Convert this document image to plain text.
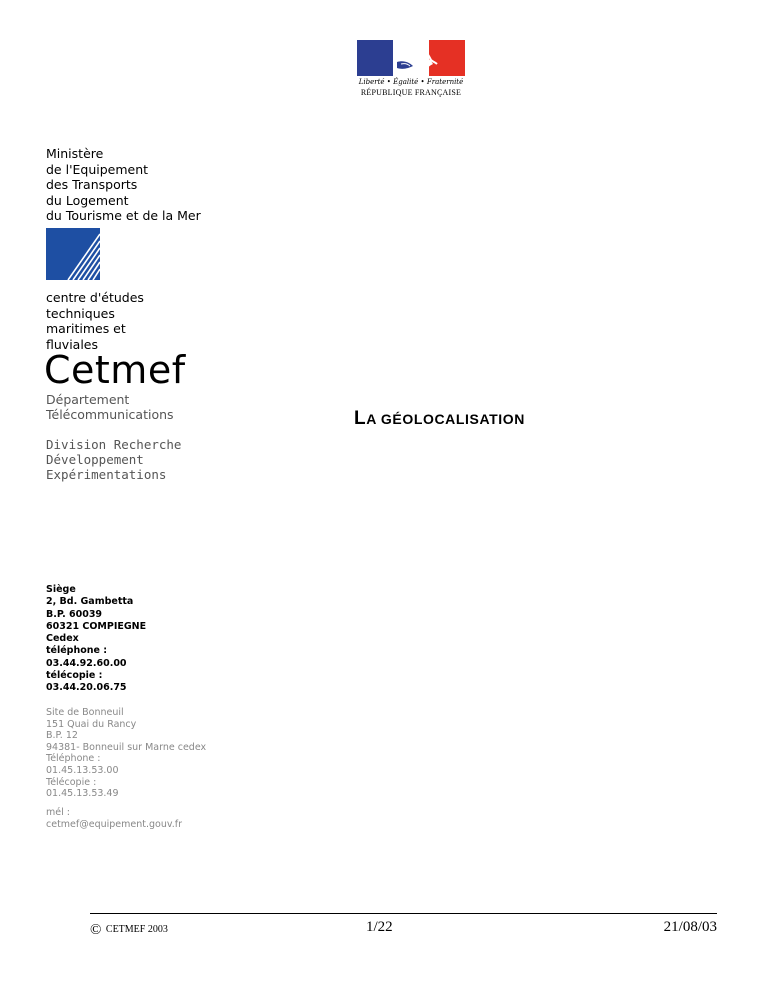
Liberté • Égalité • Fraternité
RÉPUBLIQUE FRANÇAISE
Ministère
de l'Equipement
des Transports
du Logement
du Tourisme et de la Mer
centre d'études
techniques
maritimes et
fluviales
Cetmef
Département
Télécommunications
Division Recherche
Développement
Expérimentations
LA GÉOLOCALISATION
Siège
2, Bd. Gambetta
B.P. 60039
60321 COMPIEGNE
Cedex
téléphone :
03.44.92.60.00
télécopie :
03.44.20.06.75
Site de Bonneuil
151 Quai du Rancy
B.P. 12
94381- Bonneuil sur Marne cedex
Téléphone :
01.45.13.53.00
Télécopie :
01.45.13.53.49
mél :
cetmef@equipement.gouv.fr
© CETMEF 2003	1/22	21/08/03
